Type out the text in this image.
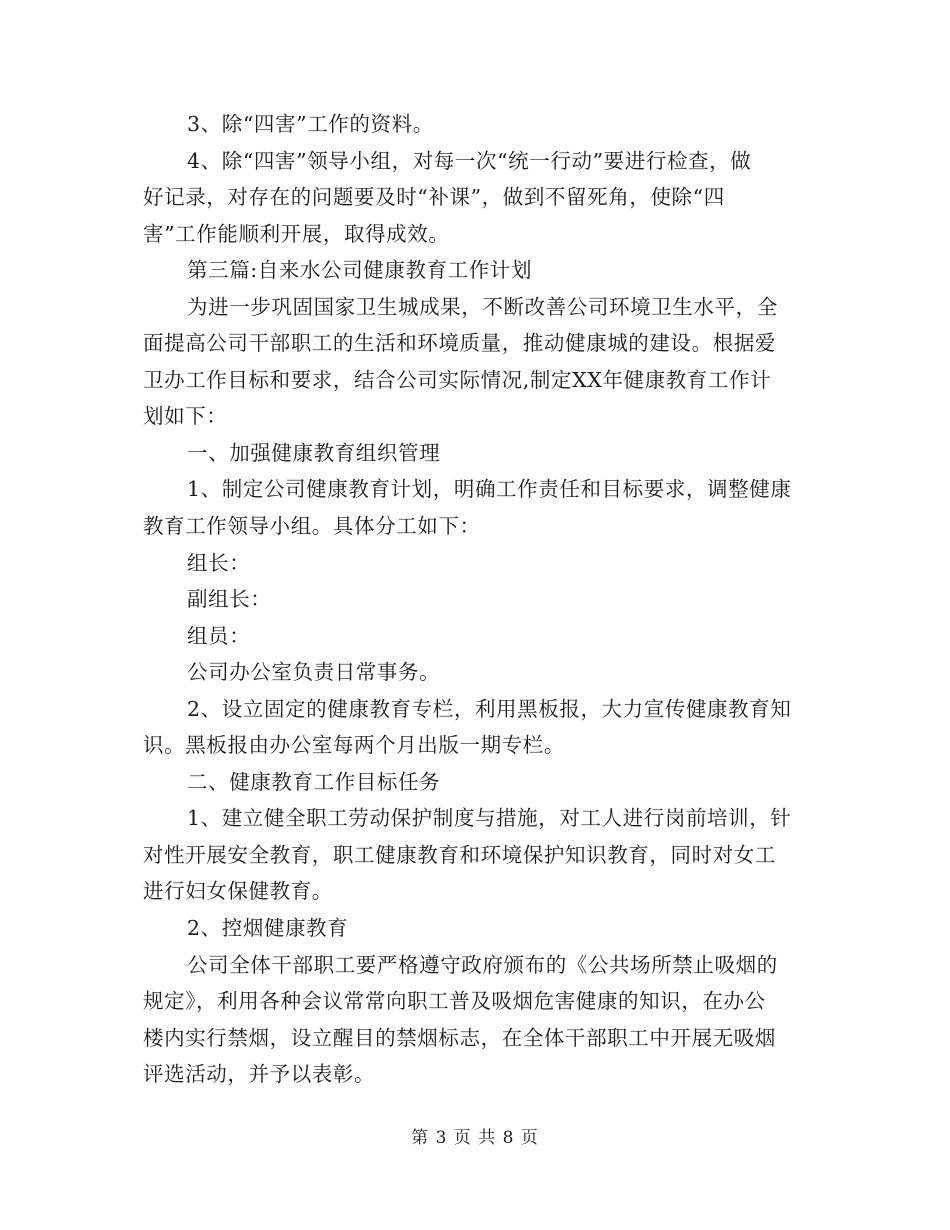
3、除“四害”工作的资料。
4、除“四害”领导小组，对每一次“统一行动”要进行检查，做
好记录，对存在的问题要及时“补课”，做到不留死角，使除“四
害”工作能顺利开展，取得成效。
第三篇:自来水公司健康教育工作计划
为进一步巩固国家卫生城成果，不断改善公司环境卫生水平，全
面提高公司干部职工的生活和环境质量，推动健康城的建设。根据爱
卫办工作目标和要求，结合公司实际情况,制定XX年健康教育工作计
划如下：
一、加强健康教育组织管理
1、制定公司健康教育计划，明确工作责任和目标要求，调整健康
教育工作领导小组。具体分工如下：
组长：
副组长：
组员：
公司办公室负责日常事务。
2、设立固定的健康教育专栏，利用黑板报，大力宣传健康教育知
识。黑板报由办公室每两个月出版一期专栏。
二、健康教育工作目标任务
1、建立健全职工劳动保护制度与措施，对工人进行岗前培训，针
对性开展安全教育，职工健康教育和环境保护知识教育，同时对女工
进行妇女保健教育。
2、控烟健康教育
公司全体干部职工要严格遵守政府颁布的《公共场所禁止吸烟的
规定》，利用各种会议常常向职工普及吸烟危害健康的知识，在办公
楼内实行禁烟，设立醒目的禁烟标志，在全体干部职工中开展无吸烟
评选活动，并予以表彰。
第 3 页 共 8 页
